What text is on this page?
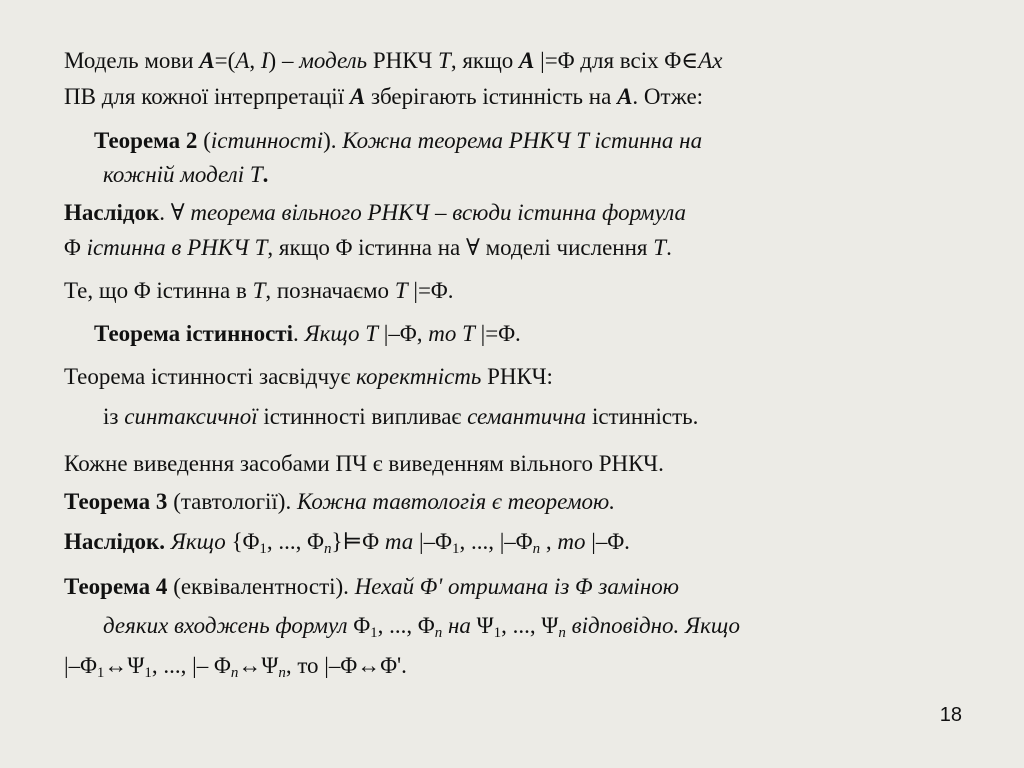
Модель мови A=(A, I) – модель РНКЧ T, якщо A |=Φ для всіх Φ∈Ax
ПВ для кожної інтерпретації A зберігають істинність на A. Отже:
Теорема 2 (істинності). Кожна теорема РНКЧ T істинна на
кожній моделі T.
Наслідок. ∀ теорема вільного РНКЧ – всюди істинна формула
Φ істинна в РНКЧ T, якщо Φ істинна на ∀ моделі числення T.
Те, що Φ істинна в T, позначаємо T |=Φ.
Теорема істинності. Якщо T |–Φ, то T |=Φ.
Теорема істинності засвідчує коректність РНКЧ:
із синтаксичної істинності випливає семантична істинність.
Кожне виведення засобами ПЧ є виведенням вільного РНКЧ.
Теорема 3 (тавтології). Кожна тавтологія є теоремою.
Наслідок. Якщо {$\Phi_1$, ..., $\Phi_n\}⊨\Phi$ та $|-\Phi_1$, ..., $|-\Phi_n$ , то |–Φ.
Теорема 4 (еквівалентності). Нехай Φ' отримана із Φ заміною
деяких входжень формул $\Phi_1$, ..., $\Phi_n$ на $\Psi_1$, ..., $\Psi_n$ відповідно. Якщо
$|-\Phi_1\leftrightarrow\Psi_1$, ..., |– $\Phi_n\leftrightarrow\Psi_n$, то |–Φ↔Φ'.
18
